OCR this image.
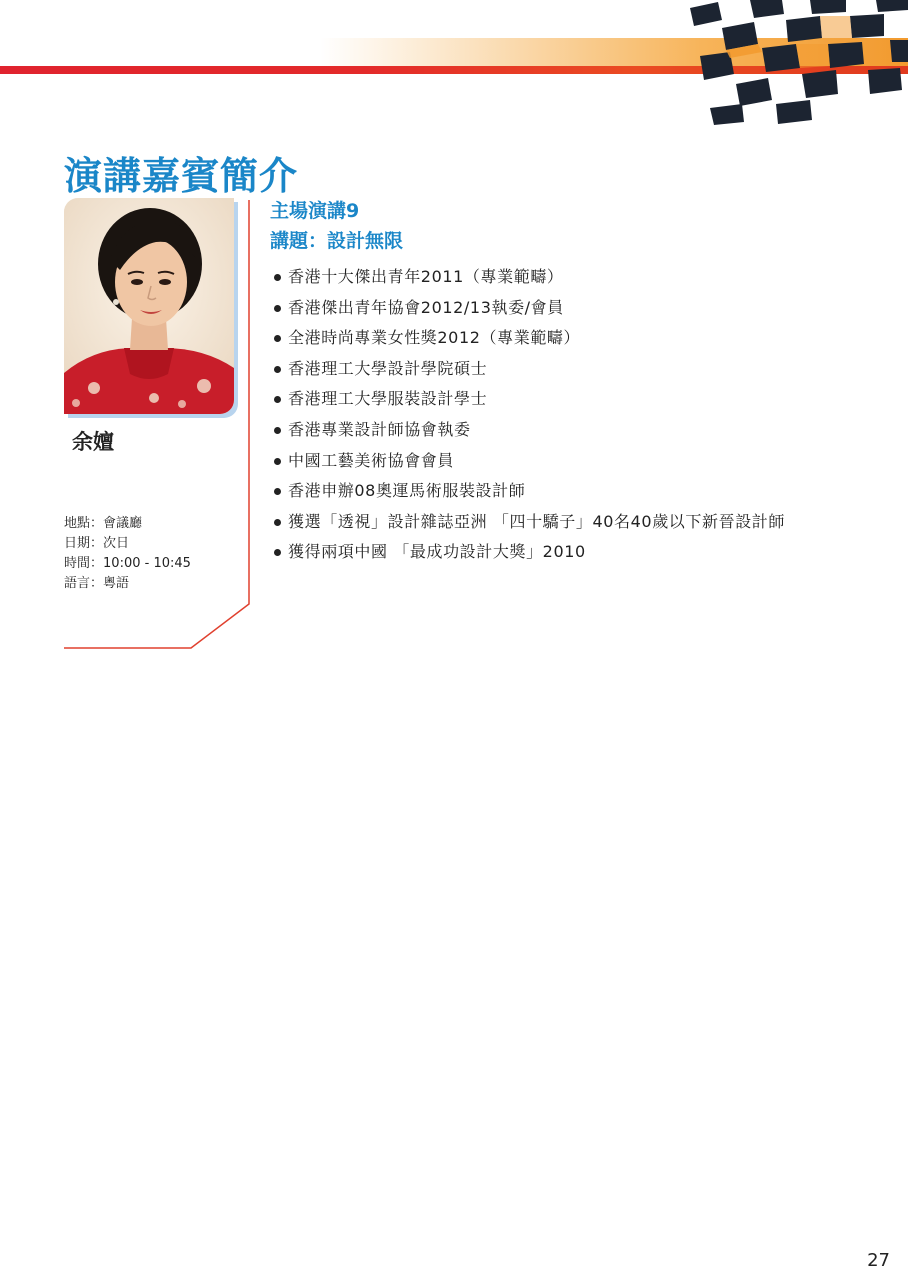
演講嘉賓簡介
余嬗
地點：會議廳
日期：次日
時間：10:00 - 10:45
語言：粵語
主場演講9
講題：設計無限
香港十大傑出青年2011（專業範疇）
香港傑出青年協會2012/13執委/會員
全港時尚專業女性獎2012（專業範疇）
香港理工大學設計學院碩士
香港理工大學服裝設計學士
香港專業設計師協會執委
中國工藝美術協會會員
香港申辦08奧運馬術服裝設計師
獲選「透視」設計雜誌亞洲 「四十驕子」40名40歲以下新晉設計師
獲得兩項中國 「最成功設計大獎」2010
27
